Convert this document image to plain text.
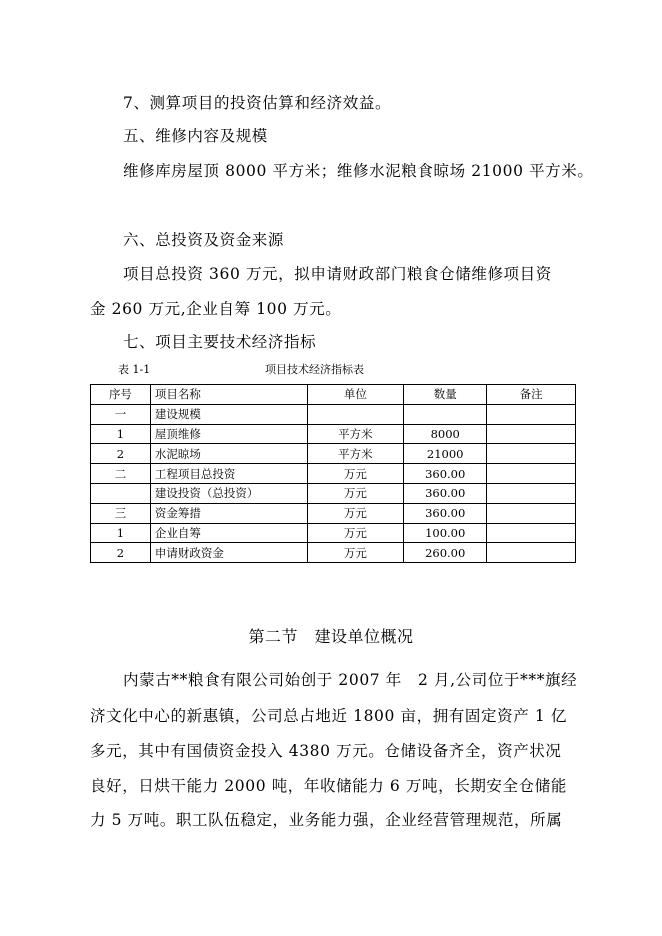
7、测算项目的投资估算和经济效益。
五、维修内容及规模
维修库房屋顶 8000 平方米；维修水泥粮食晾场 21000 平方米。
六、总投资及资金来源
项目总投资 360 万元，拟申请财政部门粮食仓储维修项目资
金 260 万元,企业自筹 100 万元。
七、项目主要技术经济指标
表 1-1	项目技术经济指标表
序号	项目名称	单位	数量	备注
一	建设规模			
1	屋顶维修	平方米	8000	
2	水泥晾场	平方米	21000	
二	工程项目总投资	万元	360.00	
	建设投资（总投资）	万元	360.00	
三	资金筹措	万元	360.00	
1	企业自筹	万元	100.00	
2	申请财政资金	万元	260.00	
第二节　建设单位概况
内蒙古**粮食有限公司始创于 2007 年　2 月,公司位于***旗经
济文化中心的新惠镇，公司总占地近 1800 亩，拥有固定资产 1 亿
多元，其中有国债资金投入 4380 万元。仓储设备齐全，资产状况
良好，日烘干能力 2000 吨，年收储能力 6 万吨，长期安全仓储能
力 5 万吨。职工队伍稳定，业务能力强，企业经营管理规范，所属
